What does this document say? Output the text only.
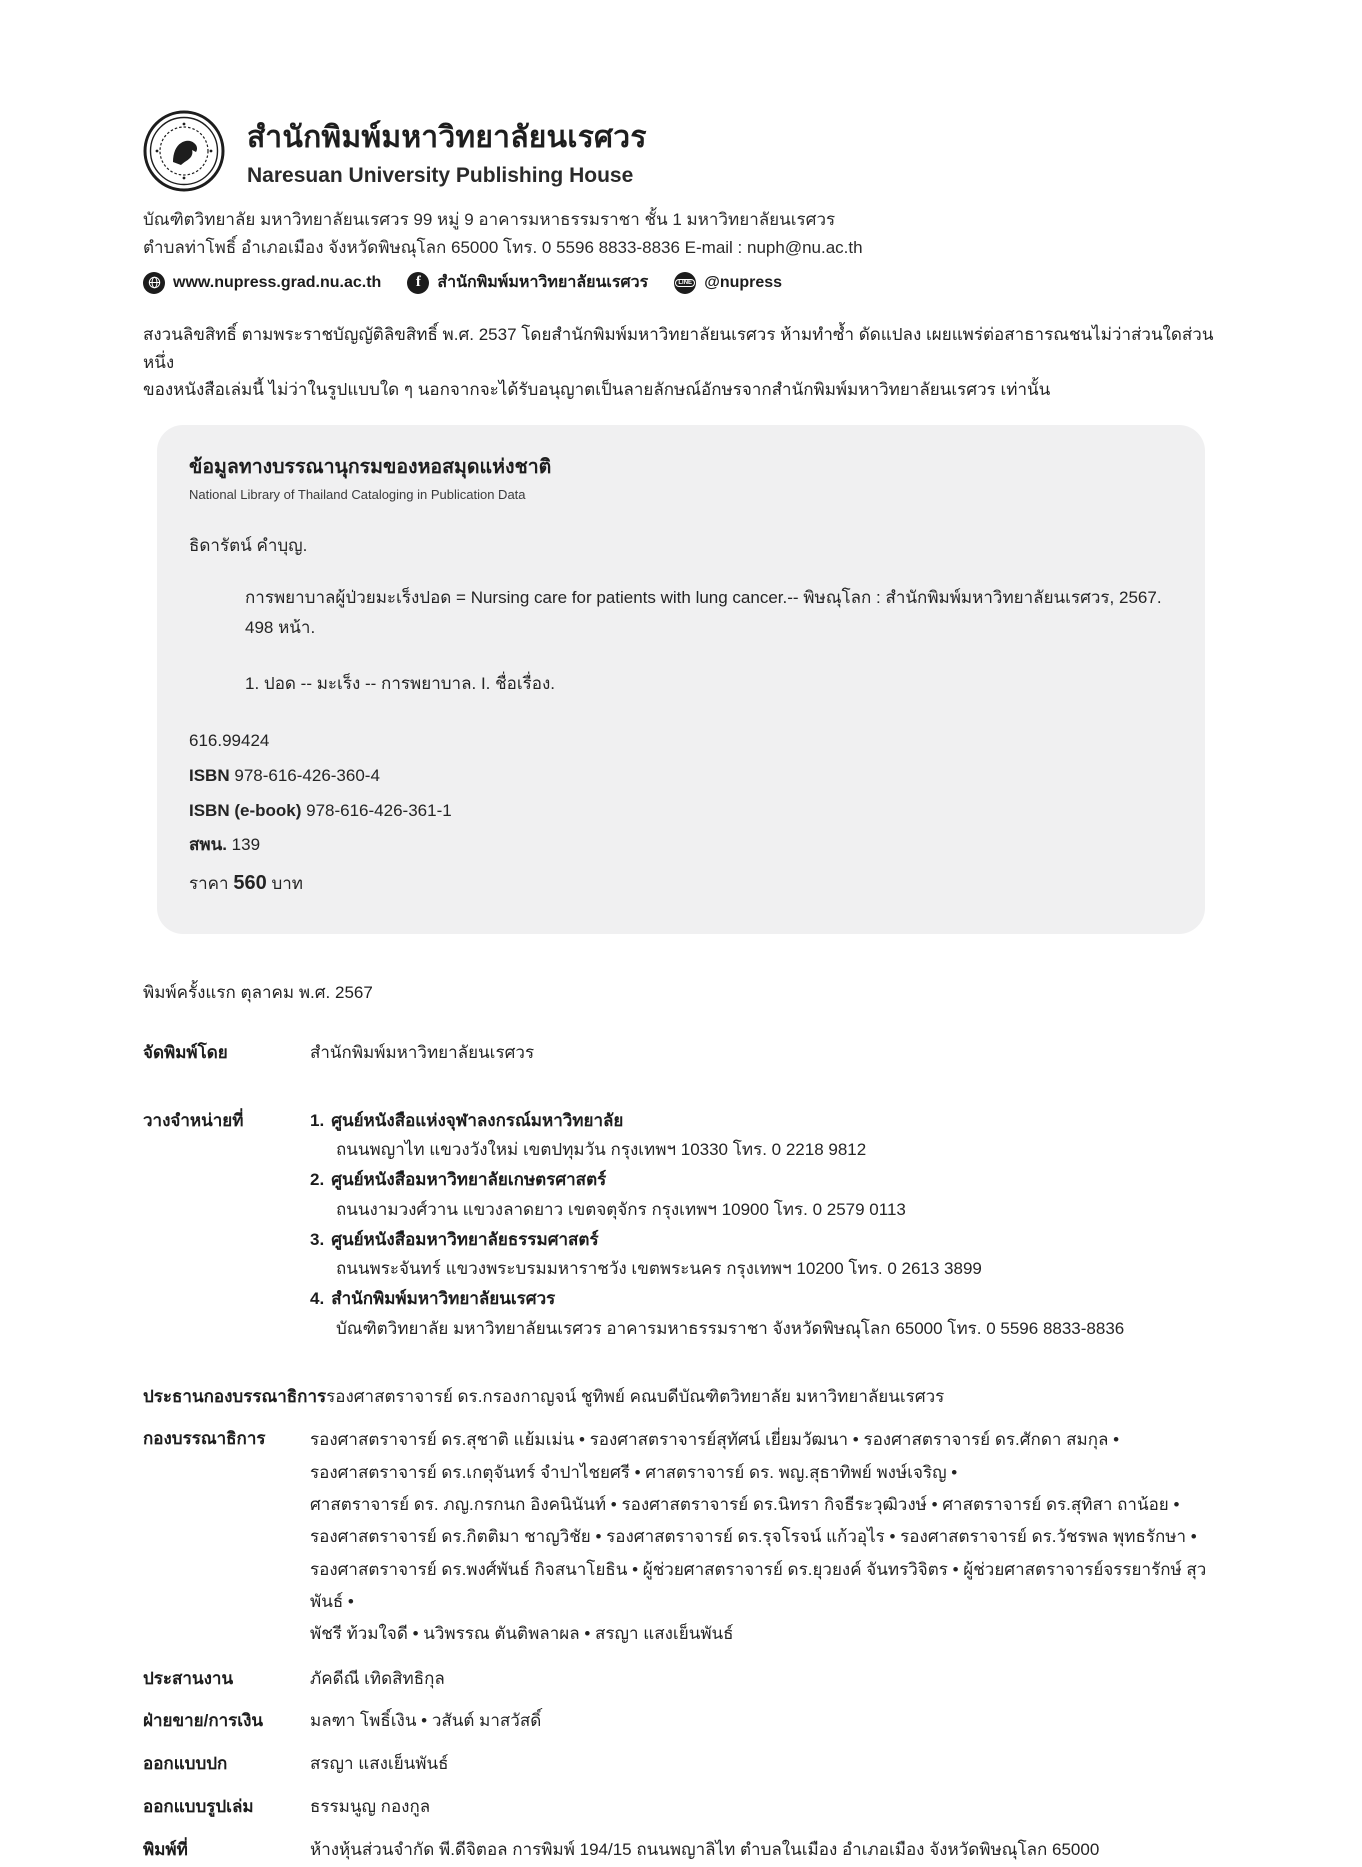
สำนักพิมพ์มหาวิทยาลัยนเรศวร
Naresuan University Publishing House
บัณฑิตวิทยาลัย มหาวิทยาลัยนเรศวร 99 หมู่ 9 อาคารมหาธรรมราชา ชั้น 1 มหาวิทยาลัยนเรศวร
ตำบลท่าโพธิ์ อำเภอเมือง จังหวัดพิษณุโลก 65000 โทร. 0 5596 8833-8836 E-mail : nuph@nu.ac.th
www.nupress.grad.nu.ac.th f สำนักพิมพ์มหาวิทยาลัยนเรศวร	LINE @nupress
สงวนลิขสิทธิ์ ตามพระราชบัญญัติลิขสิทธิ์ พ.ศ. 2537 โดยสำนักพิมพ์มหาวิทยาลัยนเรศวร ห้ามทำซ้ำ ดัดแปลง เผยแพร่ต่อสาธารณชนไม่ว่าส่วนใดส่วนหนึ่ง
ของหนังสือเล่มนี้ ไม่ว่าในรูปแบบใด ๆ นอกจากจะได้รับอนุญาตเป็นลายลักษณ์อักษรจากสำนักพิมพ์มหาวิทยาลัยนเรศวร เท่านั้น
ข้อมูลทางบรรณานุกรมของหอสมุดแห่งชาติ
National Library of Thailand Cataloging in Publication Data
ธิดารัตน์ คำบุญ.
การพยาบาลผู้ป่วยมะเร็งปอด = Nursing care for patients with lung cancer.-- พิษณุโลก : สำนักพิมพ์มหาวิทยาลัยนเรศวร, 2567.
498 หน้า.
1. ปอด -- มะเร็ง -- การพยาบาล. I. ชื่อเรื่อง.
616.99424
ISBN 978-616-426-360-4
ISBN (e-book) 978-616-426-361-1
สพน. 139
ราคา 560 บาท
พิมพ์ครั้งแรก ตุลาคม พ.ศ. 2567
จัดพิมพ์โดย	สำนักพิมพ์มหาวิทยาลัยนเรศวร
วางจำหน่ายที่	1. ศูนย์หนังสือแห่งจุฬาลงกรณ์มหาวิทยาลัย
ถนนพญาไท แขวงวังใหม่ เขตปทุมวัน กรุงเทพฯ 10330 โทร. 0 2218 9812
2. ศูนย์หนังสือมหาวิทยาลัยเกษตรศาสตร์
ถนนงามวงศ์วาน แขวงลาดยาว เขตจตุจักร กรุงเทพฯ 10900 โทร. 0 2579 0113
3. ศูนย์หนังสือมหาวิทยาลัยธรรมศาสตร์
ถนนพระจันทร์ แขวงพระบรมมหาราชวัง เขตพระนคร กรุงเทพฯ 10200 โทร. 0 2613 3899
4. สำนักพิมพ์มหาวิทยาลัยนเรศวร
บัณฑิตวิทยาลัย มหาวิทยาลัยนเรศวร อาคารมหาธรรมราชา จังหวัดพิษณุโลก 65000 โทร. 0 5596 8833-8836
ประธานกองบรรณาธิการ รองศาสตราจารย์ ดร.กรองกาญจน์ ชูทิพย์ คณบดีบัณฑิตวิทยาลัย มหาวิทยาลัยนเรศวร
กองบรรณาธิการ	รองศาสตราจารย์ ดร.สุชาติ แย้มเม่น • รองศาสตราจารย์สุทัศน์ เยี่ยมวัฒนา • รองศาสตราจารย์ ดร.ศักดา สมกุล •
รองศาสตราจารย์ ดร.เกตุจันทร์ จำปาไชยศรี • ศาสตราจารย์ ดร. พญ.สุธาทิพย์ พงษ์เจริญ •
ศาสตราจารย์ ดร. ภญ.กรกนก อิงคนินันท์ • รองศาสตราจารย์ ดร.นิทรา กิจธีระวุฒิวงษ์ • ศาสตราจารย์ ดร.สุทิสา ถาน้อย •
รองศาสตราจารย์ ดร.กิตติมา ชาญวิชัย • รองศาสตราจารย์ ดร.รุจโรจน์ แก้วอุไร • รองศาสตราจารย์ ดร.วัชรพล พุทธรักษา •
รองศาสตราจารย์ ดร.พงศ์พันธ์ กิจสนาโยธิน • ผู้ช่วยศาสตราจารย์ ดร.ยุวยงค์ จันทรวิจิตร • ผู้ช่วยศาสตราจารย์จรรยารักษ์ สุวพันธ์ •
พัชรี ท้วมใจดี • นวิพรรณ ตันติพลาผล • สรญา แสงเย็นพันธ์
ประสานงาน	ภัคดีณี เทิดสิทธิกุล
ฝ่ายขาย/การเงิน	มลฑา โพธิ์เงิน • วสันต์ มาสวัสดิ์
ออกแบบปก	สรญา แสงเย็นพันธ์
ออกแบบรูปเล่ม	ธรรมนูญ กองกูล
พิมพ์ที่	ห้างหุ้นส่วนจำกัด พี.ดีจิตอล การพิมพ์ 194/15 ถนนพญาลิไท ตำบลในเมือง อำเภอเมือง จังหวัดพิษณุโลก 65000
